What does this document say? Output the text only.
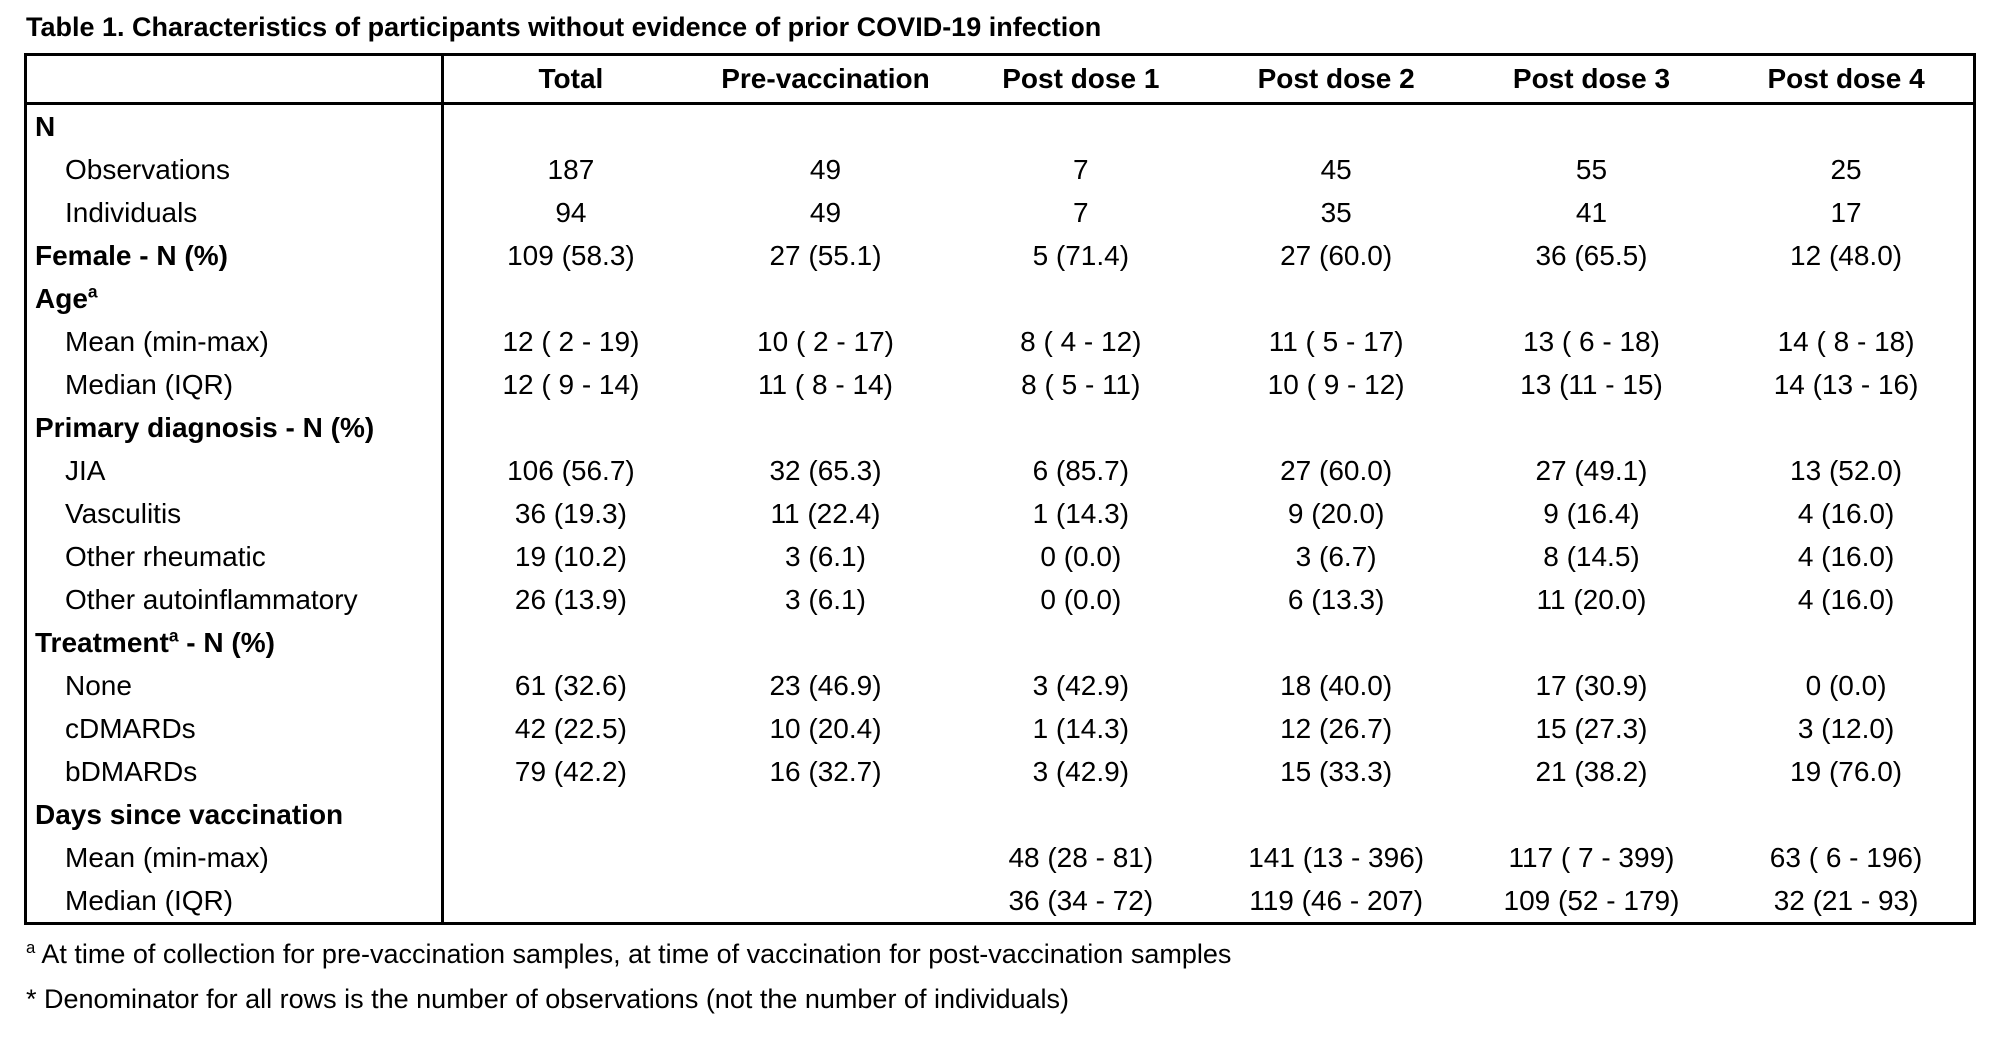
Table 1. Characteristics of participants without evidence of prior COVID-19 infection
	Total	Pre-vaccination	Post dose 1	Post dose 2	Post dose 3	Post dose 4
N						
Observations	187	49	7	45	55	25
Individuals	94	49	7	35	41	17
Female - N (%)	109 (58.3)	27 (55.1)	5 (71.4)	27 (60.0)	36 (65.5)	12 (48.0)
Age$^a$						
Mean (min-max)	12 ( 2 - 19)	10 ( 2 - 17)	8 ( 4 - 12)	11 ( 5 - 17)	13 ( 6 - 18)	14 ( 8 - 18)
Median (IQR)	12 ( 9 - 14)	11 ( 8 - 14)	8 ( 5 - 11)	10 ( 9 - 12)	13 (11 - 15)	14 (13 - 16)
Primary diagnosis - N (%)						
JIA	106 (56.7)	32 (65.3)	6 (85.7)	27 (60.0)	27 (49.1)	13 (52.0)
Vasculitis	36 (19.3)	11 (22.4)	1 (14.3)	9 (20.0)	9 (16.4)	4 (16.0)
Other rheumatic	19 (10.2)	3 (6.1)	0 (0.0)	3 (6.7)	8 (14.5)	4 (16.0)
Other autoinflammatory	26 (13.9)	3 (6.1)	0 (0.0)	6 (13.3)	11 (20.0)	4 (16.0)
Treatment$^a$ - N (%)						
None	61 (32.6)	23 (46.9)	3 (42.9)	18 (40.0)	17 (30.9)	0 (0.0)
cDMARDs	42 (22.5)	10 (20.4)	1 (14.3)	12 (26.7)	15 (27.3)	3 (12.0)
bDMARDs	79 (42.2)	16 (32.7)	3 (42.9)	15 (33.3)	21 (38.2)	19 (76.0)
Days since vaccination						
Mean (min-max)			48 (28 - 81)	141 (13 - 396)	117 ( 7 - 399)	63 ( 6 - 196)
Median (IQR)			36 (34 - 72)	119 (46 - 207)	109 (52 - 179)	32 (21 - 93)
$^a$ At time of collection for pre-vaccination samples, at time of vaccination for post-vaccination samples
* Denominator for all rows is the number of observations (not the number of individuals)
